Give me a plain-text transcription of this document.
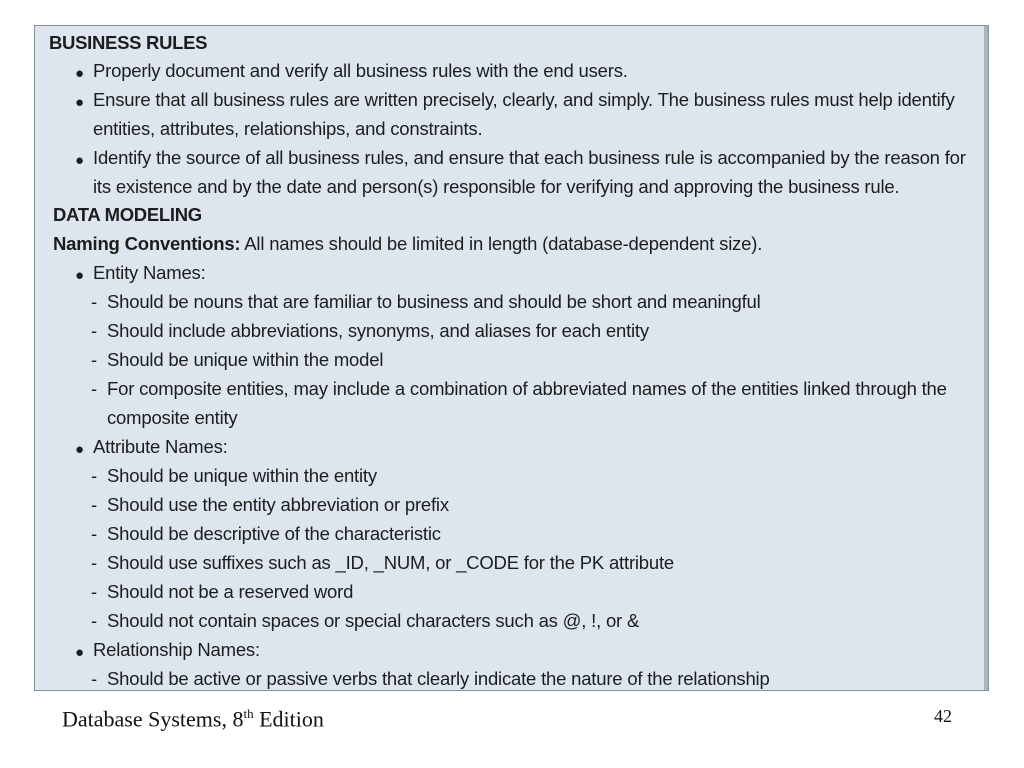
BUSINESS RULES
● Properly document and verify all business rules with the end users.
● Ensure that all business rules are written precisely, clearly, and simply. The business rules must help identify
entities, attributes, relationships, and constraints.
● Identify the source of all business rules, and ensure that each business rule is accompanied by the reason for
its existence and by the date and person(s) responsible for verifying and approving the business rule.
DATA MODELING
Naming Conventions: All names should be limited in length (database-dependent size).
● Entity Names:
- Should be nouns that are familiar to business and should be short and meaningful
- Should include abbreviations, synonyms, and aliases for each entity
- Should be unique within the model
- For composite entities, may include a combination of abbreviated names of the entities linked through the
composite entity
● Attribute Names:
- Should be unique within the entity
- Should use the entity abbreviation or prefix
- Should be descriptive of the characteristic
- Should use suffixes such as _ID, _NUM, or _CODE for the PK attribute
- Should not be a reserved word
- Should not contain spaces or special characters such as @, !, or &
● Relationship Names:
- Should be active or passive verbs that clearly indicate the nature of the relationship
Database Systems, 8th Edition	42
